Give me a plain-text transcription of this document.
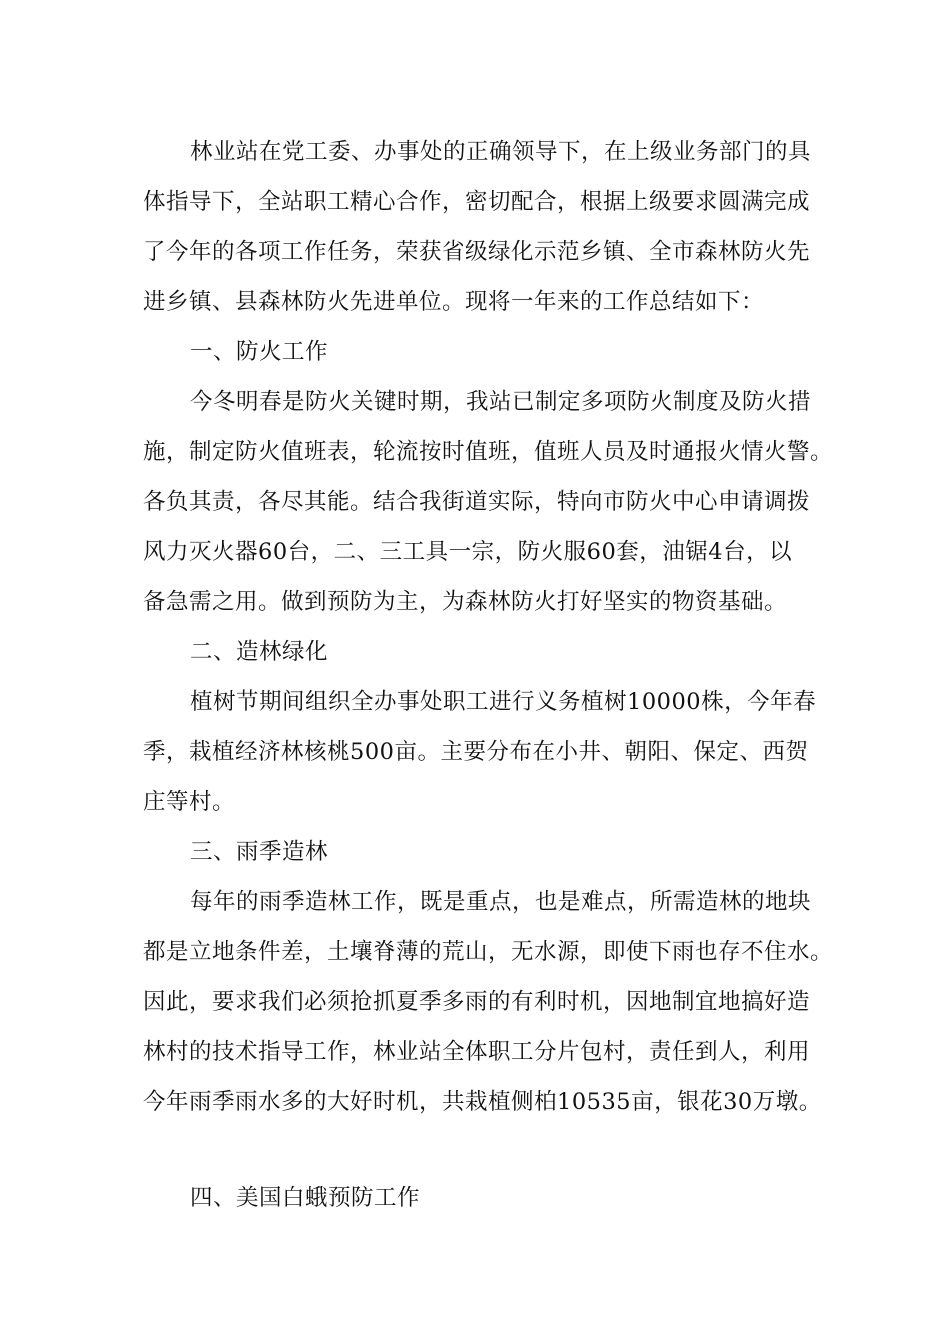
林业站在党工委、办事处的正确领导下，在上级业务部门的具
体指导下，全站职工精心合作，密切配合，根据上级要求圆满完成
了今年的各项工作任务，荣获省级绿化示范乡镇、全市森林防火先
进乡镇、县森林防火先进单位。现将一年来的工作总结如下：
一、防火工作
今冬明春是防火关键时期，我站已制定多项防火制度及防火措
施，制定防火值班表，轮流按时值班，值班人员及时通报火情火警。
各负其责，各尽其能。结合我街道实际，特向市防火中心申请调拨
风力灭火器60台，二、三工具一宗，防火服60套，油锯4台，以
备急需之用。做到预防为主，为森林防火打好坚实的物资基础。
二、造林绿化
植树节期间组织全办事处职工进行义务植树10000株，今年春
季，栽植经济林核桃500亩。主要分布在小井、朝阳、保定、西贺
庄等村。
三、雨季造林
每年的雨季造林工作，既是重点，也是难点，所需造林的地块
都是立地条件差，土壤脊薄的荒山，无水源，即使下雨也存不住水。
因此，要求我们必须抢抓夏季多雨的有利时机，因地制宜地搞好造
林村的技术指导工作，林业站全体职工分片包村，责任到人，利用
今年雨季雨水多的大好时机，共栽植侧柏10535亩，银花30万墩。
四、美国白蛾预防工作
